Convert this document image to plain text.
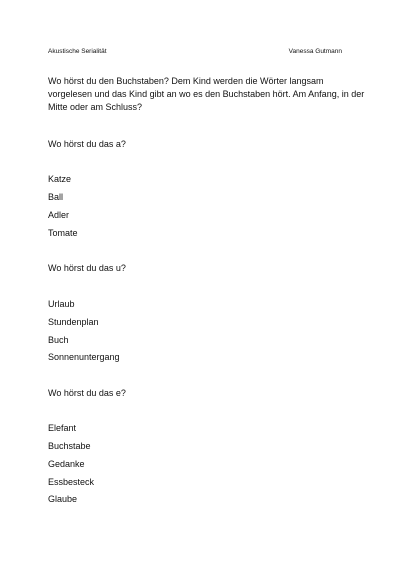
Akustische Serialität	Vanessa Gutmann
Wo hörst du den Buchstaben? Dem Kind werden die Wörter langsam vorgelesen und das Kind gibt an wo es den Buchstaben hört. Am Anfang, in der Mitte oder am Schluss?
Wo hörst du das a?
Katze
Ball
Adler
Tomate
Wo hörst du das u?
Urlaub
Stundenplan
Buch
Sonnenuntergang
Wo hörst du das e?
Elefant
Buchstabe
Gedanke
Essbesteck
Glaube
